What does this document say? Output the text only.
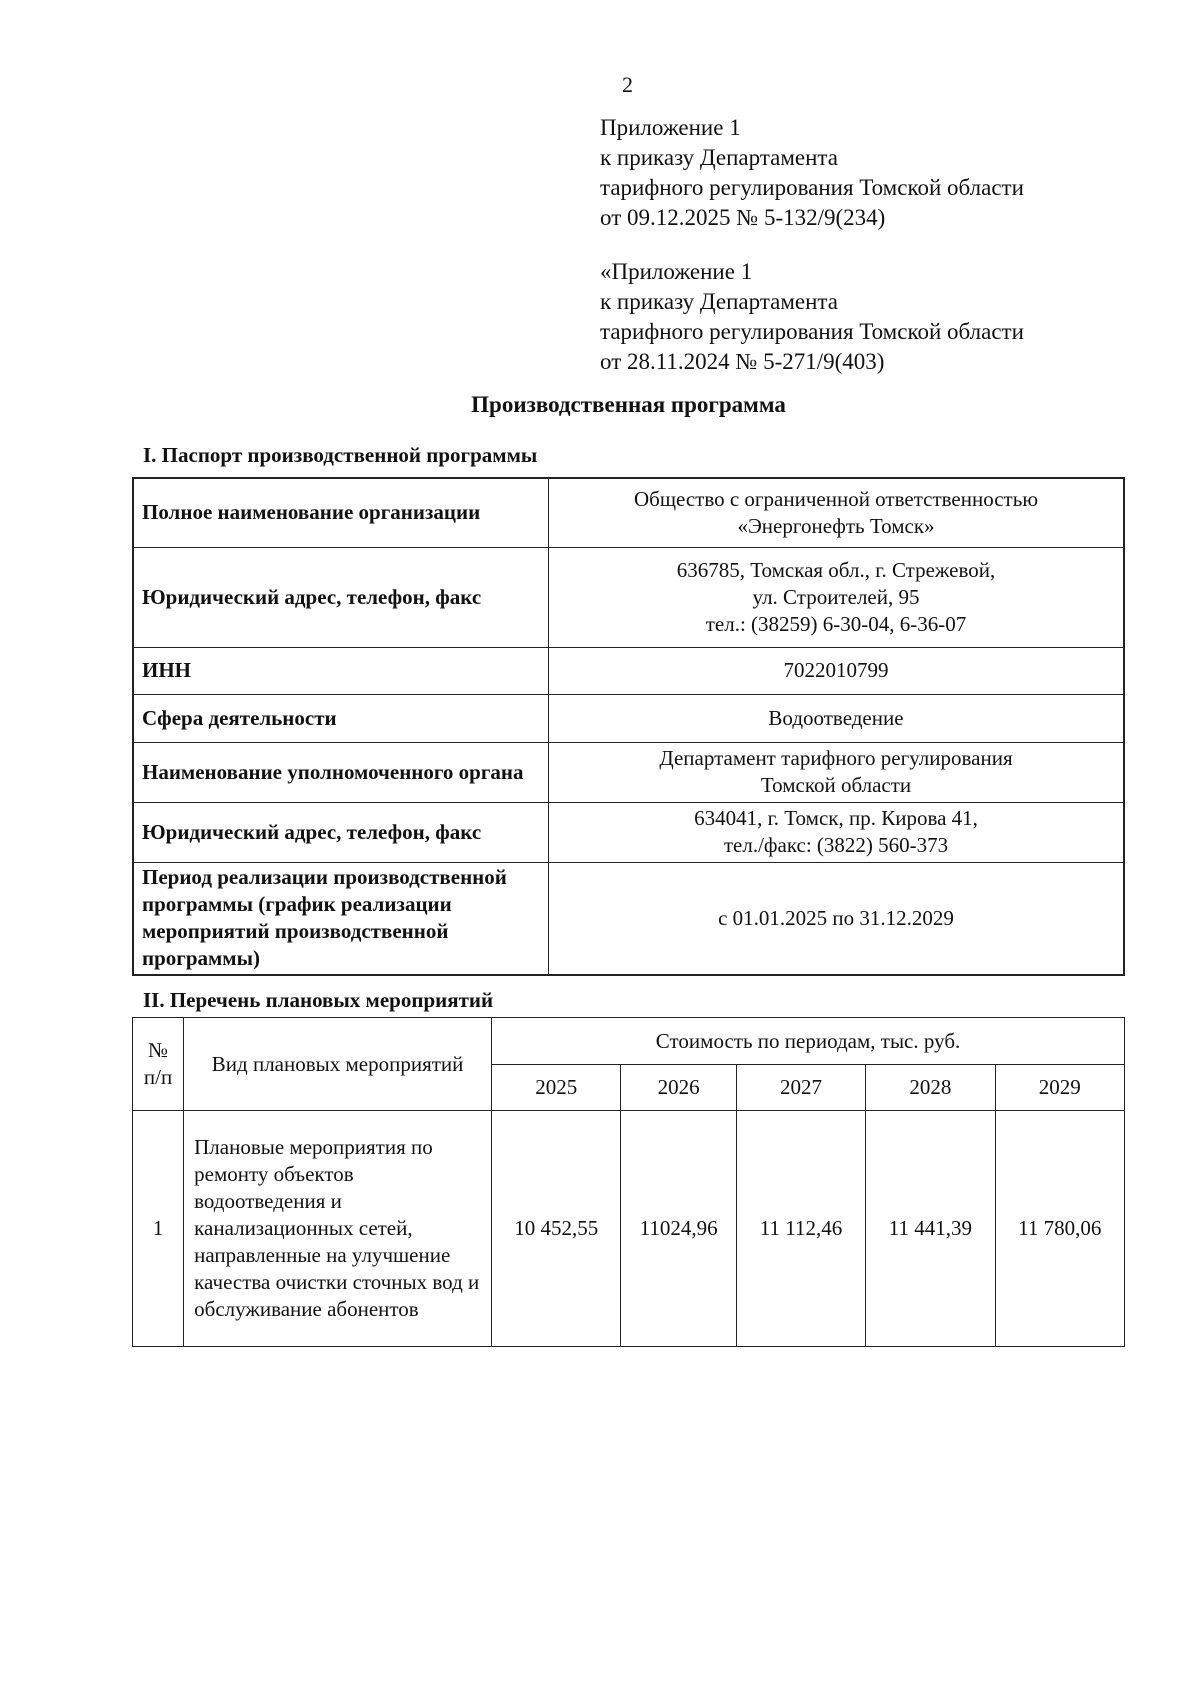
2
Приложение 1
к приказу Департамента
тарифного регулирования Томской области
от 09.12.2025 № 5-132/9(234)
«Приложение 1
к приказу Департамента
тарифного регулирования Томской области
от 28.11.2024 № 5-271/9(403)
Производственная программа
I. Паспорт производственной программы
Полное наименование организации	Общество с ограниченной ответственностью
«Энергонефть Томск»

Юридический адрес, телефон, факс	636785, Томская обл., г. Стрежевой,
ул. Строителей, 95
тел.: (38259) 6-30-04, 6-36-07

ИНН	7022010799

Сфера деятельности	Водоотведение

Наименование уполномоченного органа	Департамент тарифного регулирования
Томской области

Юридический адрес, телефон, факс	634041, г. Томск, пр. Кирова 41,
тел./факс: (3822) 560-373

Период реализации производственной программы (график реализации мероприятий производственной программы)	с 01.01.2025 по 31.12.2029
II. Перечень плановых мероприятий
№ п/п	Вид плановых мероприятий	Стоимость по периодам, тыс. руб.				
		2025	2026	2027	2028	2029
1	Плановые мероприятия по ремонту объектов водоотведения и канализационных сетей, направленные на улучшение качества очистки сточных вод и обслуживание абонентов	10 452,55	11024,96	11 112,46	11 441,39	11 780,06
